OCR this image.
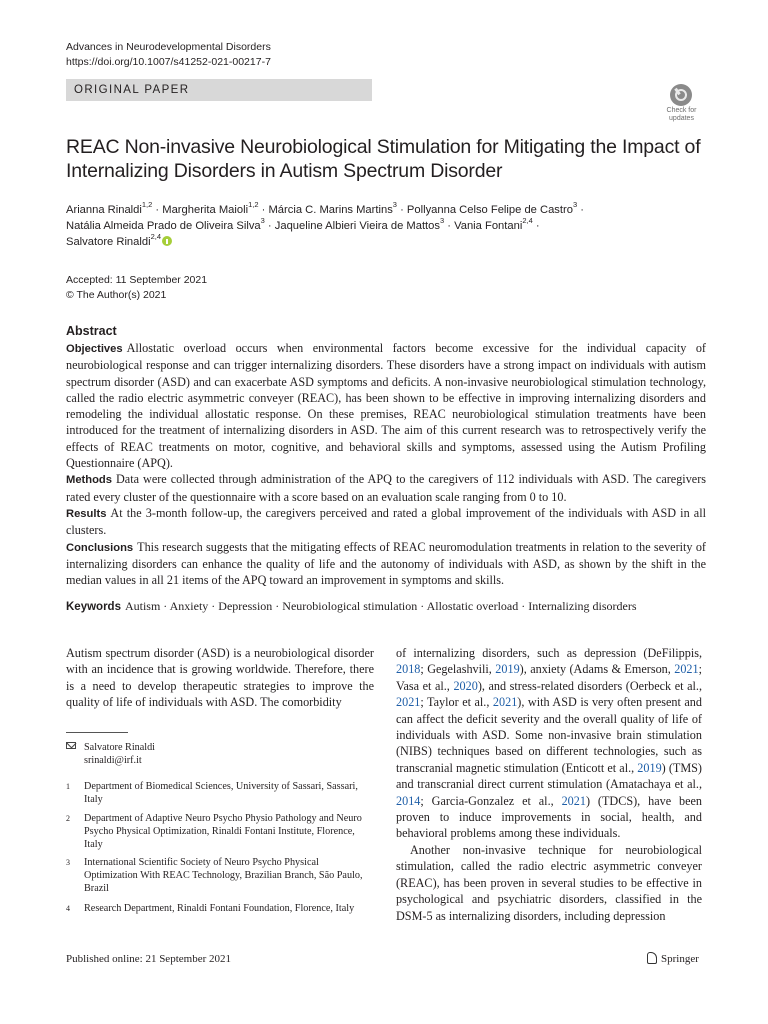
Advances in Neurodevelopmental Disorders
https://doi.org/10.1007/s41252-021-00217-7
ORIGINAL PAPER
Check for updates
REAC Non-invasive Neurobiological Stimulation for Mitigating the Impact of Internalizing Disorders in Autism Spectrum Disorder
Arianna Rinaldi$^{1,2}$ · Margherita Maioli$^{1,2}$ · Márcia C. Marins Martins$^3$ · Pollyanna Celso Felipe de Castro$^3$ ·
Natália Almeida Prado de Oliveira Silva$^3$ · Jaqueline Albieri Vieira de Mattos$^3$ · Vania Fontani$^{2,4}$ ·
Salvatore Rinaldi$^{2,4}$
Accepted: 11 September 2021
© The Author(s) 2021
Abstract

Objectives Allostatic overload occurs when environmental factors become excessive for the individual capacity of neurobiological response and can trigger internalizing disorders. These disorders have a strong impact on individuals with autism spectrum disorder (ASD) and can exacerbate ASD symptoms and deficits. A non-invasive neurobiological stimulation technology, called the radio electric asymmetric conveyer (REAC), has been shown to be effective in improving internalizing disorders and remodeling the individual allostatic response. On these premises, REAC neurobiological stimulation treatments have been introduced for the treatment of internalizing disorders in ASD. The aim of this current research was to retrospectively verify the effects of REAC treatments on motor, cognitive, and behavioral skills and symptoms, assessed using the Autism Profiling Questionnaire (APQ).

Methods Data were collected through administration of the APQ to the caregivers of 112 individuals with ASD. The caregivers rated every cluster of the questionnaire with a score based on an evaluation scale ranging from 0 to 10.

Results At the 3-month follow-up, the caregivers perceived and rated a global improvement of the individuals with ASD in all clusters.

Conclusions This research suggests that the mitigating effects of REAC neuromodulation treatments in relation to the severity of internalizing disorders can enhance the quality of life and the autonomy of individuals with ASD, as shown by the shift in the median values in all 21 items of the APQ toward an improvement in symptoms and skills.

Keywords Autism · Anxiety · Depression · Neurobiological stimulation · Allostatic overload · Internalizing disorders

Autism spectrum disorder (ASD) is a neurobiological disorder with an incidence that is growing worldwide. Therefore, there is a need to develop therapeutic strategies to improve the quality of life of individuals with ASD. The comorbidity

Salvatore Rinaldi
srinaldi@irf.it
1 Department of Biomedical Sciences, University of Sassari, Sassari, Italy
2 Department of Adaptive Neuro Psycho Physio Pathology and Neuro Psycho Physical Optimization, Rinaldi Fontani Institute, Florence, Italy
3 International Scientific Society of Neuro Psycho Physical Optimization With REAC Technology, Brazilian Branch, São Paulo, Brazil
4 Research Department, Rinaldi Fontani Foundation, Florence, Italy

of internalizing disorders, such as depression (DeFilippis, 2018; Gegelashvili, 2019), anxiety (Adams & Emerson, 2021; Vasa et al., 2020), and stress-related disorders (Oerbeck et al., 2021; Taylor et al., 2021), with ASD is very often present and can affect the deficit severity and the overall quality of life of individuals with ASD. Some non-invasive brain stimulation (NIBS) techniques based on different technologies, such as transcranial magnetic stimulation (Enticott et al., 2019) (TMS) and transcranial direct current stimulation (Amatachaya et al., 2014; Garcia-Gonzalez et al., 2021) (TDCS), have been proven to induce improvements in social, health, and behavioral problems among these individuals.

Another non-invasive technique for neurobiological stimulation, called the radio electric asymmetric conveyer (REAC), has been proven in several studies to be effective in psychological and psychiatric disorders, classified in the DSM-5 as internalizing disorders, including depression

Published online: 21 September 2021	Springer
